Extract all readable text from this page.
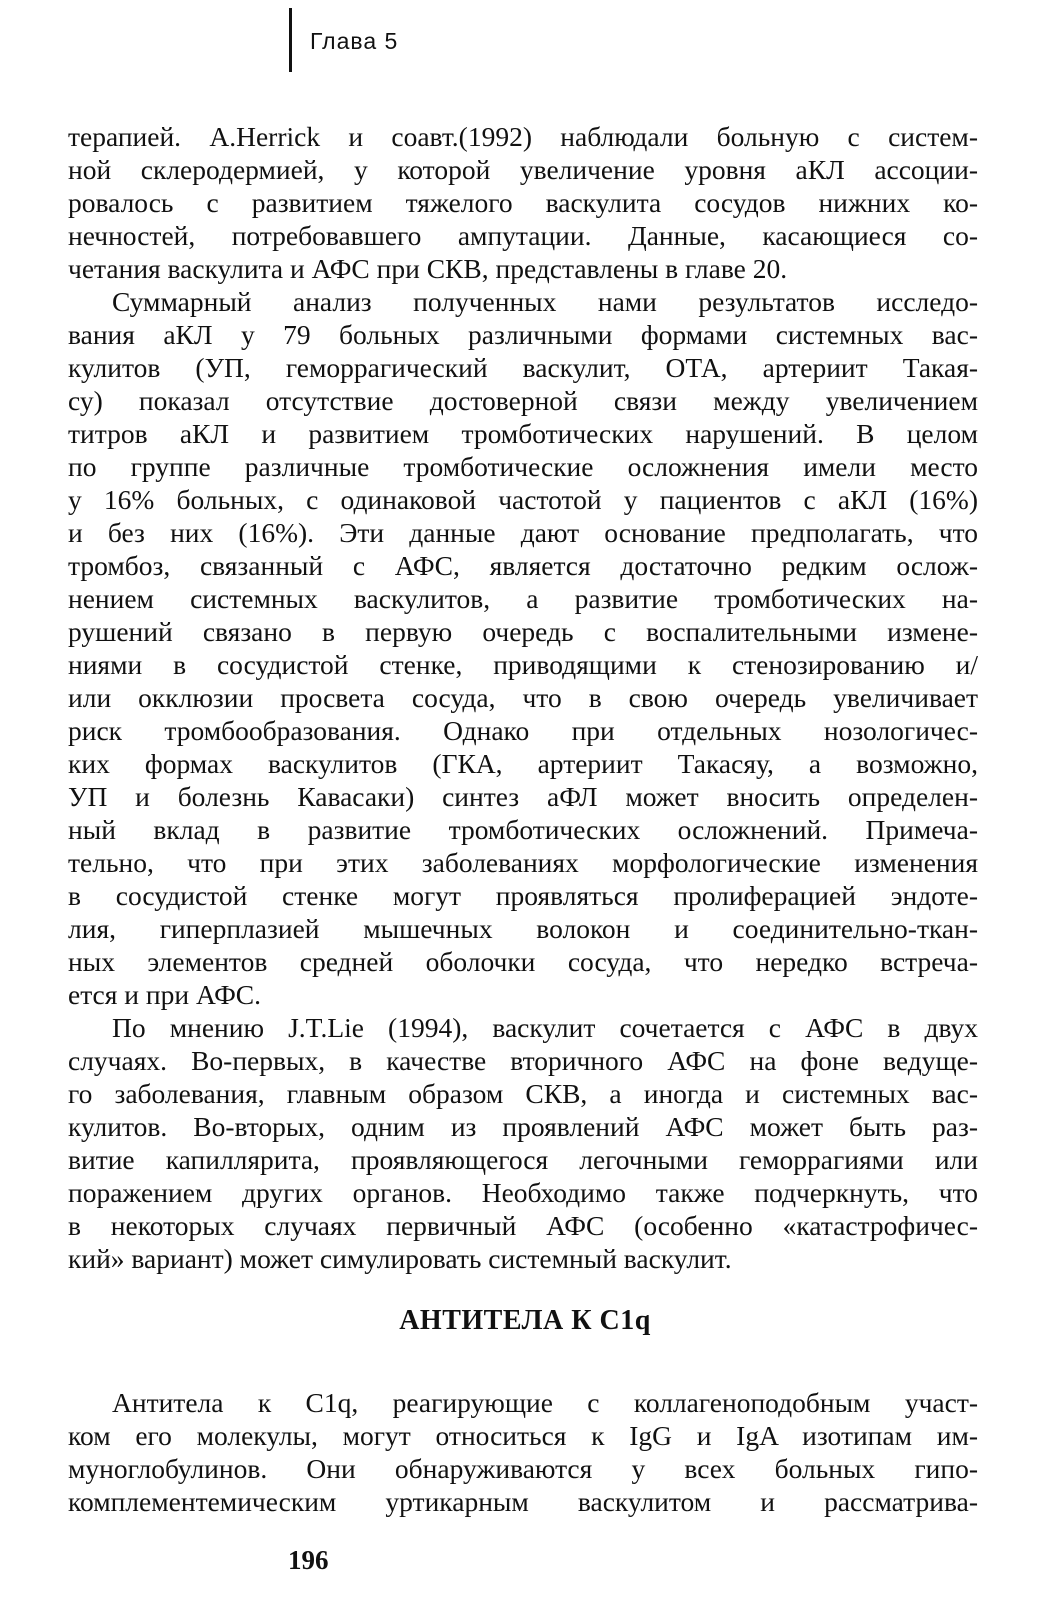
Глава 5
терапией. A.Herrick и соавт.(1992) наблюдали больную с систем-
ной склеродермией, у которой увеличение уровня аКЛ ассоции-
ровалось с развитием тяжелого васкулита сосудов нижних ко-
нечностей, потребовавшего ампутации. Данные, касающиеся со-
четания васкулита и АФС при СКВ, представлены в главе 20.
Суммарный анализ полученных нами результатов исследо-
вания аКЛ у 79 больных различными формами системных вас-
кулитов (УП, геморрагический васкулит, ОТА, артериит Такая-
су) показал отсутствие достоверной связи между увеличением
титров аКЛ и развитием тромботических нарушений. В целом
по группе различные тромботические осложнения имели место
у 16% больных, с одинаковой частотой у пациентов с аКЛ (16%)
и без них (16%). Эти данные дают основание предполагать, что
тромбоз, связанный с АФС, является достаточно редким ослож-
нением системных васкулитов, а развитие тромботических на-
рушений связано в первую очередь с воспалительными измене-
ниями в сосудистой стенке, приводящими к стенозированию и/
или окклюзии просвета сосуда, что в свою очередь увеличивает
риск тромбообразования. Однако при отдельных нозологичес-
ких формах васкулитов (ГКА, артериит Такасяу, а возможно,
УП и болезнь Кавасаки) синтез аФЛ может вносить определен-
ный вклад в развитие тромботических осложнений. Примеча-
тельно, что при этих заболеваниях морфологические изменения
в сосудистой стенке могут проявляться пролиферацией эндоте-
лия, гиперплазией мышечных волокон и соединительно-ткан-
ных элементов средней оболочки сосуда, что нередко встреча-
ется и при АФС.
По мнению J.T.Lie (1994), васкулит сочетается с АФС в двух
случаях. Во-первых, в качестве вторичного АФС на фоне ведуще-
го заболевания, главным образом СКВ, а иногда и системных вас-
кулитов. Во-вторых, одним из проявлений АФС может быть раз-
витие капиллярита, проявляющегося легочными геморрагиями или
поражением других органов. Необходимо также подчеркнуть, что
в некоторых случаях первичный АФС (особенно «катастрофичес-
кий» вариант) может симулировать системный васкулит.
АНТИТЕЛА К C1q
Антитела к C1q, реагирующие с коллагеноподобным участ-
ком его молекулы, могут относиться к IgG и IgA изотипам им-
муноглобулинов. Они обнаруживаются у всех больных гипо-
комплементемическим уртикарным васкулитом и рассматрива-
196
